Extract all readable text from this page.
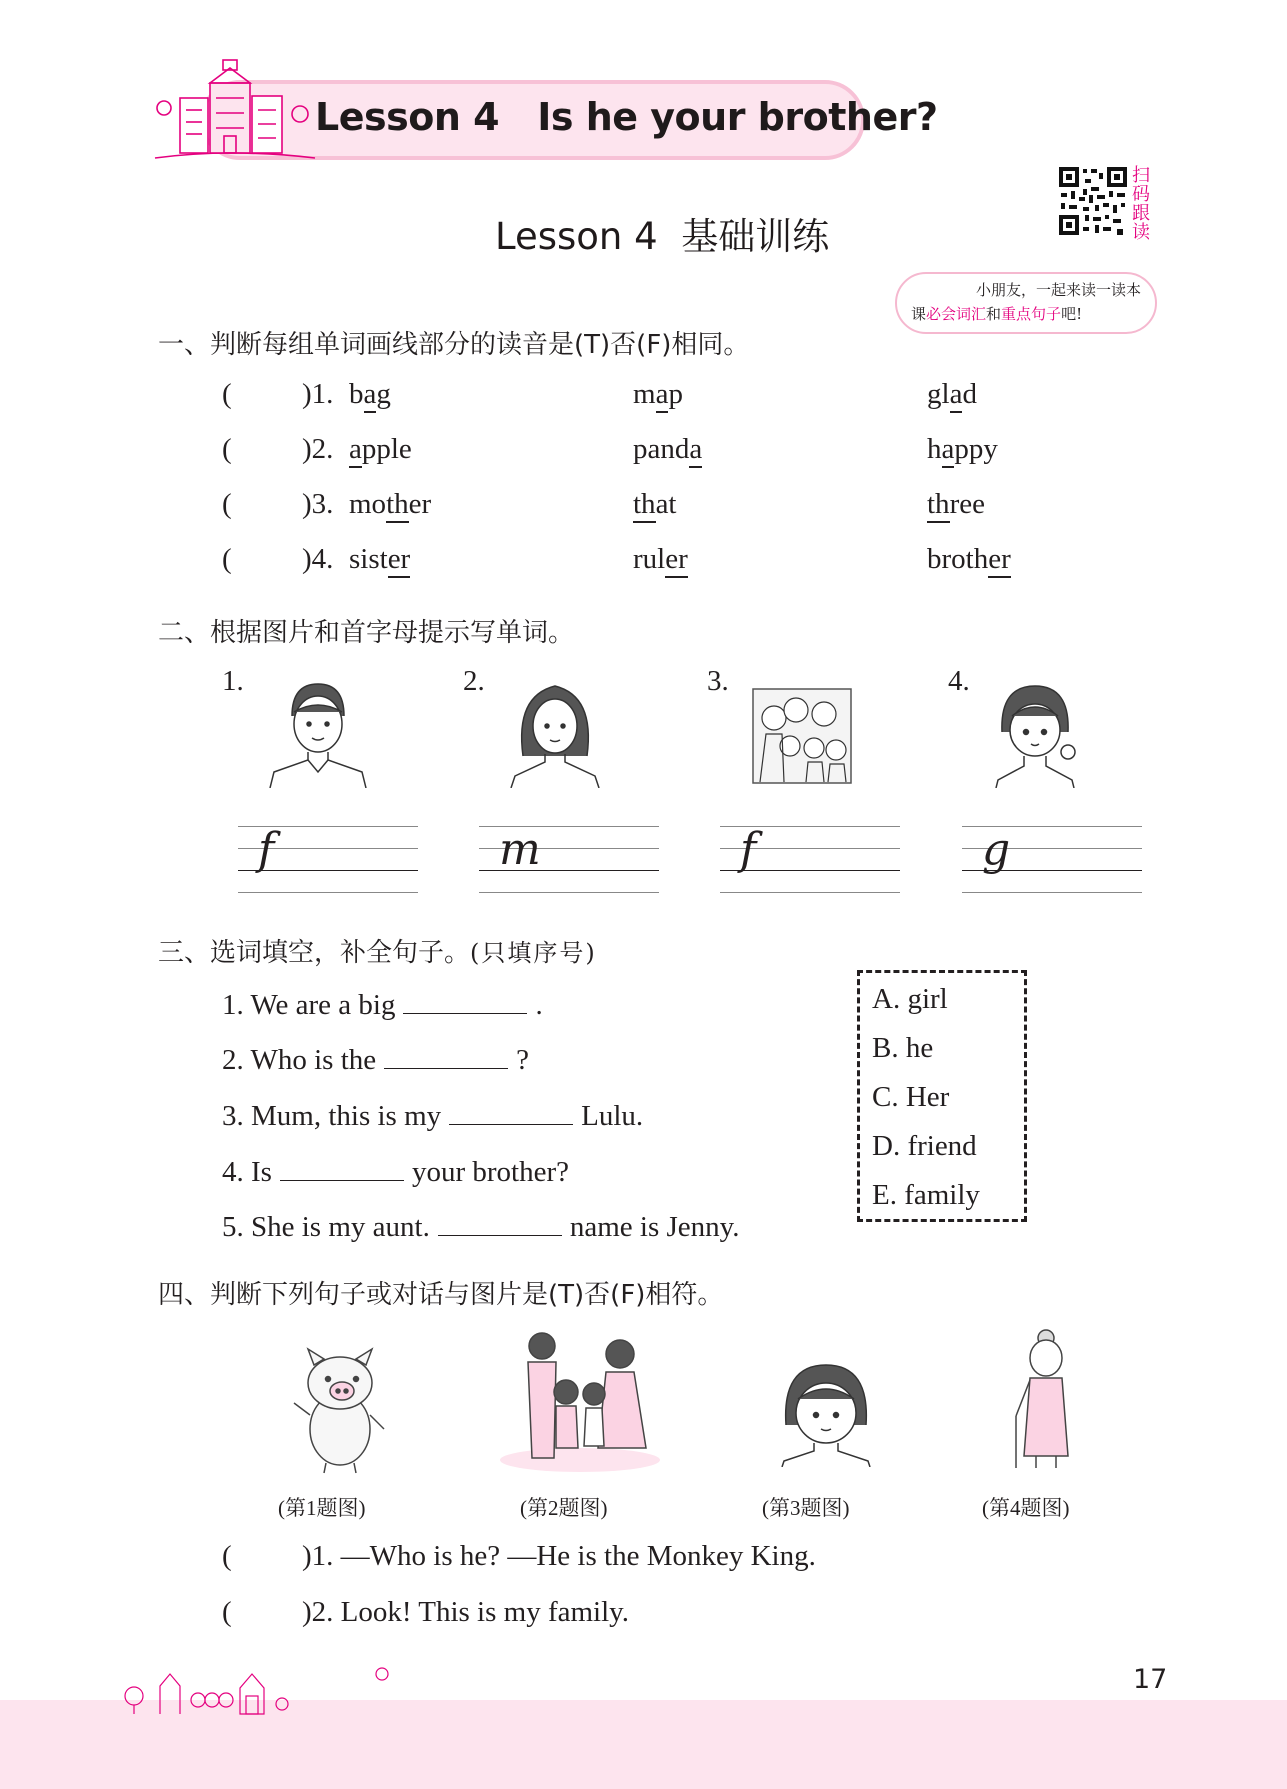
Lesson 4   Is he your brother?
Lesson 4  基础训练
扫码跟读
小朋友，一起来读一读本
课必会词汇和重点句子吧!
一、判断每组单词画线部分的读音是(T)否(F)相同。
( )1. bag	map	glad
( )2. apple	panda	happy
( )3. mother	that	three
( )4. sister	ruler	brother
二、根据图片和首字母提示写单词。
1.	2.	3.	4.
f	m	f	g
三、选词填空，补全句子。(只填序号)
1. We are a big	.
2. Who is the	?
3. Mum, this is my	Lulu.
4. Is	your brother?
5. She is my aunt.	name is Jenny.
A. girl
B. he
C. Her
D. friend
E. family
四、判断下列句子或对话与图片是(T)否(F)相符。
(第1题图)	(第2题图)	(第3题图)	(第4题图)
( )1. —Who is he? —He is the Monkey King.
( )2. Look! This is my family.
17
